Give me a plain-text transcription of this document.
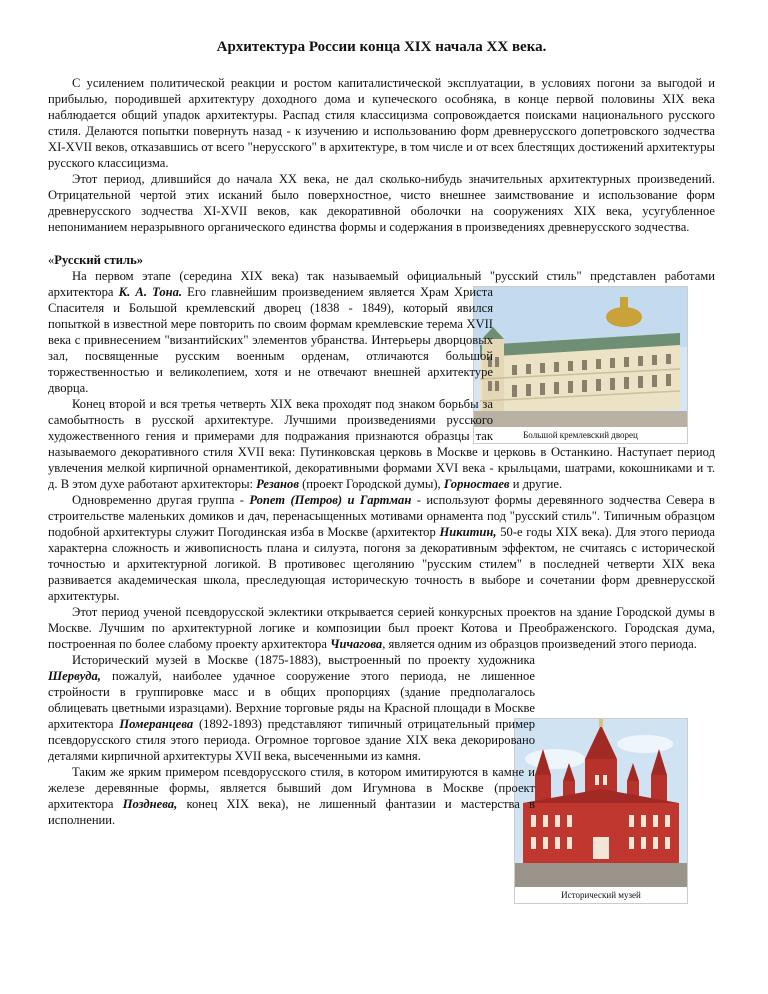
Большой кремлевский дворец
Исторический музей
Архитектура России конца XIX начала XX века.

С усилением политической реакции и ростом капиталистической эксплуатации, в условиях погони за выгодой и прибылью, породившей архитектуру доходного дома и купеческого особняка, в конце первой половины XIX века наблюдается общий упадок архитектуры. Распад стиля классицизма сопровождается поисками национального русского стиля. Делаются попытки повернуть назад - к изучению и использованию форм древнерусского допетровского зодчества XI-XVII веков, отказавшись от всего "нерусского" в архитектуре, в том числе и от всех блестящих достижений архитектуры русского классицизма.

Этот период, длившийся до начала XX века, не дал сколько-нибудь значительных архитектурных произведений. Отрицательной чертой этих исканий было поверхностное, чисто внешнее заимствование и использование форм древнерусского зодчества XI-XVII веков, как декоративной оболочки на сооружениях XIX века, усугубленное непониманием неразрывного органического единства формы и содержания в произведениях древнерусского зодчества.

«Русский стиль»

На первом этапе (середина XIX века) так называемый официальный "русский стиль" представлен работами архитектора
К. А. Тона. Его главнейшим произведением является Храм Христа Спасителя и Большой кремлевский дворец (1838 - 1849), который явился попыткой в известной мере повторить по своим формам кремлевские терема XVII века с привнесением "византийских" элементов убранства. Интерьеры дворцовых зал, посвященные русским военным орденам, отличаются большой торжественностью и великолепием, хотя и не отвечают внешней архитектуре дворца.

Конец второй и вся третья четверть XIX века проходят под знаком борьбы за самобытность в русской архитектуре. Лучшими произведениями русского художественного гения и примерами для подражания признаются образцы так называемого декоративного стиля XVII века: Путинковская церковь в Москве и церковь в Останкино. Наступает период увлечения мелкой кирпичной орнаментикой, декоративными формами XVI века - крыльцами, шатрами, кокошниками и т. д. В этом духе работают архитекторы: Резанов (проект Городской думы), Горностаев и другие.

Одновременно другая группа - Ропет (Петров) и Гартман - используют формы деревянного зодчества Севера в строительстве маленьких домиков и дач, перенасыщенных мотивами орнамента под "русский стиль". Типичным образцом подобной архитектуры служит Погодинская изба в Москве (архитектор Никитин, 50-е годы XIX века). Для этого периода характерна сложность и живописность плана и силуэта, погоня за декоративным эффектом, не считаясь с исторической точностью и архитектурной логикой. В противовес щеголянию "русским стилем" в последней четверти XIX века развивается академическая школа, преследующая историческую точность в выборе и сочетании форм древнерусской архитектуры.

Этот период ученой псевдорусской эклектики открывается серией конкурсных проектов на здание Городской думы в Москве. Лучшим по архитектурной логике и композиции был проект Котова и Преображенского. Городская дума, построенная по более слабому проекту архитектора Чичагова, является одним из образцов произведений этого периода.

Исторический музей в Москве (1875-1883), выстроенный по проекту художника
Шервуда, пожалуй, наиболее удачное сооружение этого периода, не лишенное стройности в группировке масс и в общих пропорциях (здание предполагалось облицевать цветными изразцами). Верхние торговые ряды на Красной площади в Москве архитектора Померанцева (1892-1893) представляют типичный отрицательный пример псевдорусского стиля этого периода. Огромное торговое здание XIX века декорировано деталями кирпичной архитектуры XVII века, высеченными из камня.

Таким же ярким примером псевдорусского стиля, в котором имитируются в камне и железе деревянные формы, является бывший дом Игумнова в Москве (проект архитектора Позднева, конец XIX века), не лишенный фантазии и мастерства в исполнении.
